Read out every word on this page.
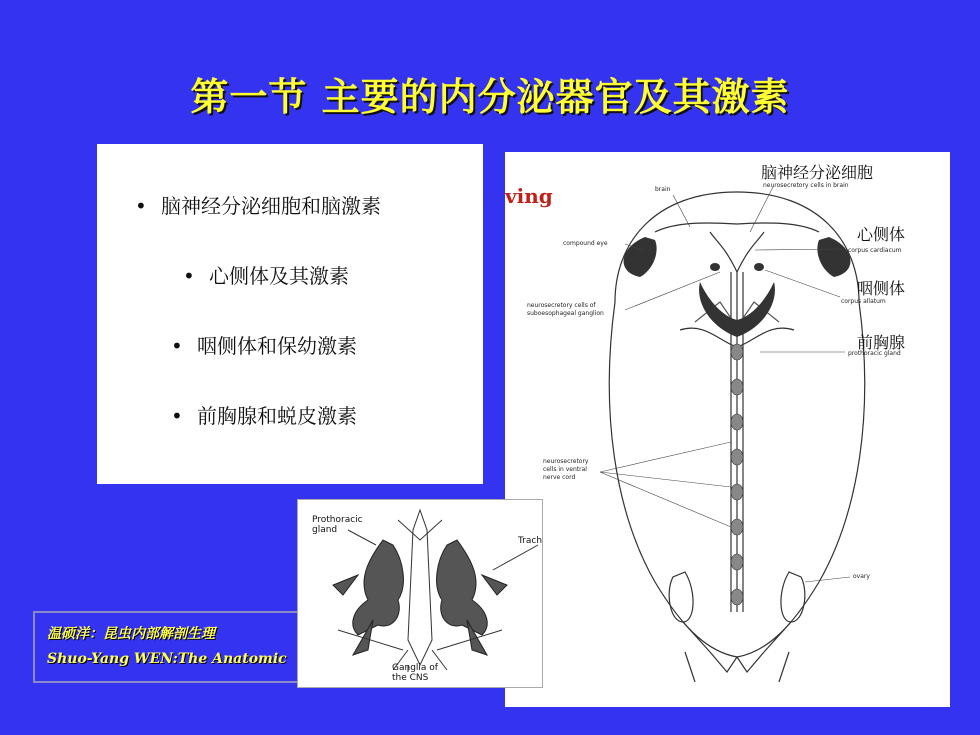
第一节 主要的内分泌器官及其激素
• 脑神经分泌细胞和脑激素
• 心侧体及其激素
• 咽侧体和保幼激素
• 前胸腺和蜕皮激素
温硕洋：昆虫内部解剖生理
Shuo-Yang WEN:The Anatomic
ving
脑神经分泌细胞
心侧体
咽侧体
前胸腺
brain
neurosecretory cells in brain
compound eye
corpus cardiacum
corpus allatum
neurosecretory cells of
suboesophageal ganglion
prothoracic gland
neurosecretory
cells in ventral
nerve cord
ovary
Prothoracic
gland
Trach
Ganglia of
the CNS
